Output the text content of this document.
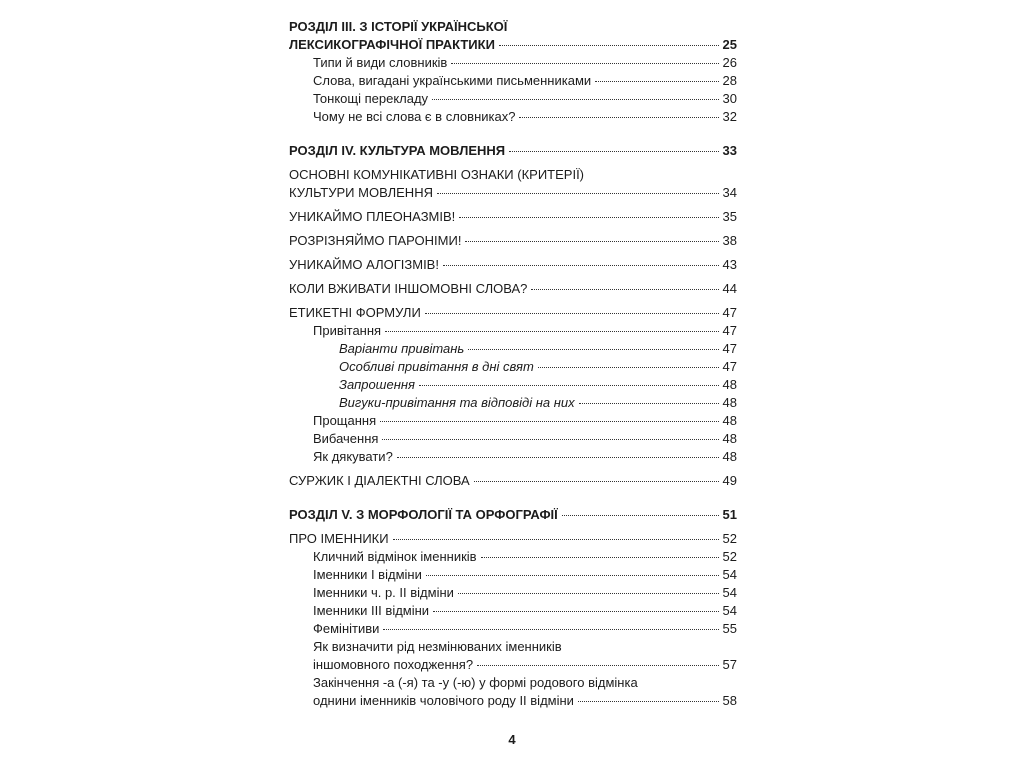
РОЗДІЛ ІІІ. З ІСТОРІЇ УКРАЇНСЬКОЇ
ЛЕКСИКОГРАФІЧНОЇ ПРАКТИКИ	25
Типи й види словників	26
Слова, вигадані українськими письменниками	28
Тонкощі перекладу	30
Чому не всі слова є в словниках?	32
РОЗДІЛ ІV. КУЛЬТУРА МОВЛЕННЯ	33
ОСНОВНІ КОМУНІКАТИВНІ ОЗНАКИ (КРИТЕРІЇ)
КУЛЬТУРИ МОВЛЕННЯ	34
УНИКАЙМО ПЛЕОНАЗМІВ!	35
РОЗРІЗНЯЙМО ПАРОНІМИ!	38
УНИКАЙМО АЛОГІЗМІВ!	43
КОЛИ ВЖИВАТИ ІНШОМОВНІ СЛОВА?	44
ЕТИКЕТНІ ФОРМУЛИ	47
Привітання	47
Варіанти привітань	47
Особливі привітання в дні свят	47
Запрошення	48
Вигуки-привітання та відповіді на них	48
Прощання	48
Вибачення	48
Як дякувати?	48
СУРЖИК І ДІАЛЕКТНІ СЛОВА	49
РОЗДІЛ V. З МОРФОЛОГІЇ ТА ОРФОГРАФІЇ	51
ПРО ІМЕННИКИ	52
Кличний відмінок іменників	52
Іменники І відміни	54
Іменники ч. р. ІІ відміни	54
Іменники ІІІ відміни	54
Фемінітиви	55
Як визначити рід незмінюваних іменників
іншомовного походження?	57
Закінчення -а (-я) та -у (-ю) у формі родового відмінка
однини іменників чоловічого роду ІІ відміни	58
4
